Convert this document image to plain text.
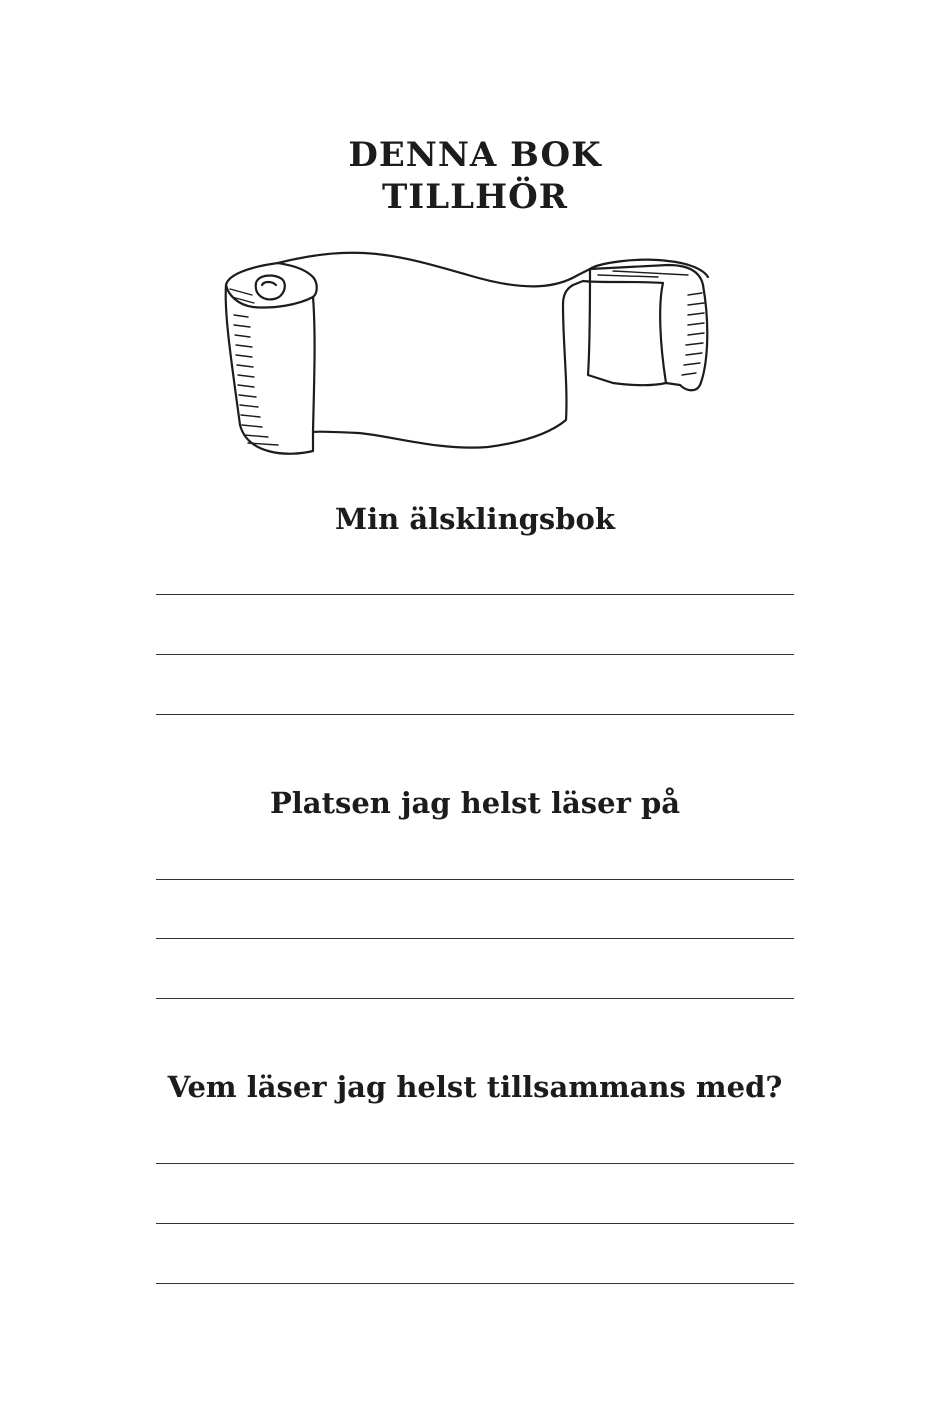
DENNA BOK
TILLHÖR
Min älsklingsbok
Platsen jag helst läser på
Vem läser jag helst tillsammans med?
